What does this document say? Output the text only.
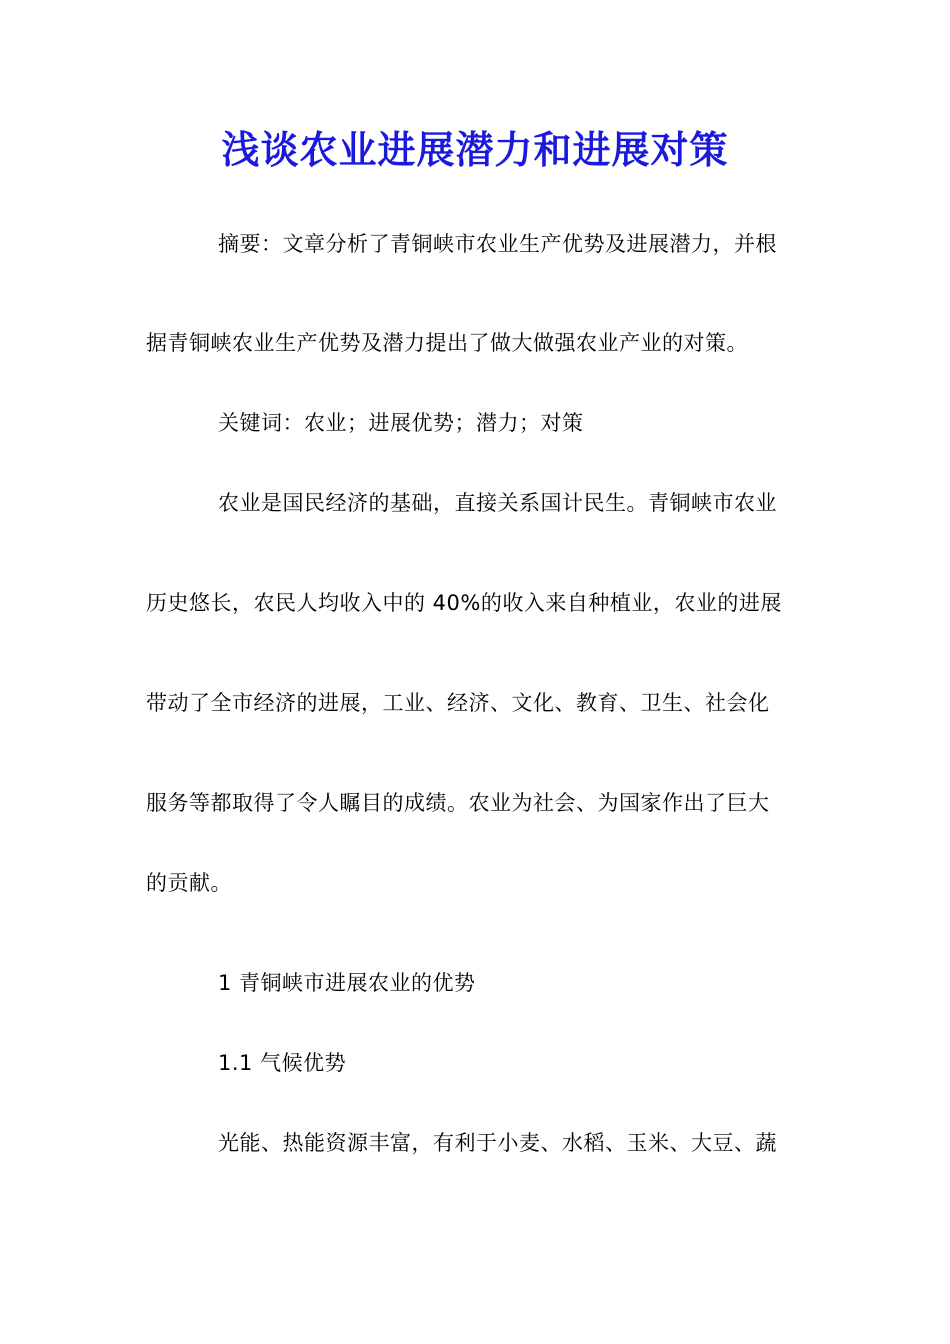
浅谈农业进展潜力和进展对策
摘要：文章分析了青铜峡市农业生产优势及进展潜力，并根
据青铜峡农业生产优势及潜力提出了做大做强农业产业的对策。
关键词：农业；进展优势；潜力；对策
农业是国民经济的基础，直接关系国计民生。青铜峡市农业
历史悠长，农民人均收入中的 40%的收入来自种植业，农业的进展
带动了全市经济的进展，工业、经济、文化、教育、卫生、社会化
服务等都取得了令人瞩目的成绩。农业为社会、为国家作出了巨大
的贡献。
1 青铜峡市进展农业的优势
1.1 气候优势
光能、热能资源丰富，有利于小麦、水稻、玉米、大豆、蔬
